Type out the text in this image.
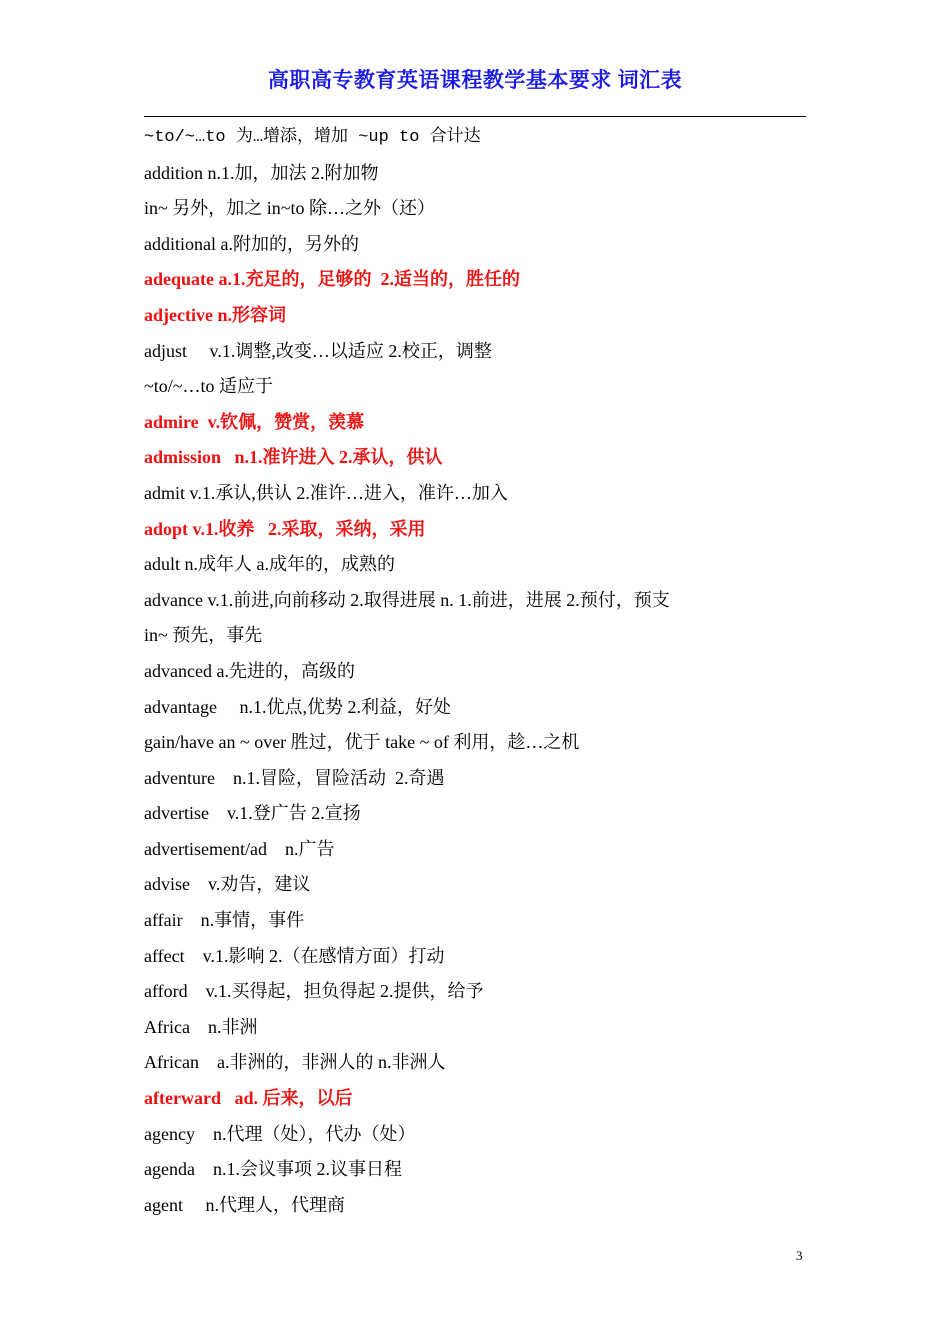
高职高专教育英语课程教学基本要求 词汇表
~to/~…to 为…增添，增加 ~up to 合计达
addition n.1.加，加法 2.附加物
in~ 另外，加之 in~to 除…之外（还）
additional a.附加的，另外的
adequate a.1.充足的，足够的  2.适当的，胜任的
adjective n.形容词
adjust     v.1.调整,改变…以适应 2.校正，调整
~to/~…to 适应于
admire  v.钦佩，赞赏，羡慕
admission   n.1.准许进入 2.承认，供认
admit v.1.承认,供认 2.准许…进入，准许…加入
adopt v.1.收养   2.采取，采纳，采用
adult n.成年人 a.成年的，成熟的
advance v.1.前进,向前移动 2.取得进展 n. 1.前进，进展 2.预付，预支
in~ 预先，事先
advanced a.先进的，高级的
advantage     n.1.优点,优势 2.利益，好处
gain/have an ~ over 胜过，优于 take ~ of 利用，趁…之机
adventure    n.1.冒险，冒险活动  2.奇遇
advertise    v.1.登广告 2.宣扬
advertisement/ad    n.广告
advise    v.劝告，建议
affair    n.事情，事件
affect    v.1.影响 2.（在感情方面）打动
afford    v.1.买得起，担负得起 2.提供，给予
Africa    n.非洲
African    a.非洲的，非洲人的 n.非洲人
afterward   ad. 后来，以后
agency    n.代理（处），代办（处）
agenda    n.1.会议事项 2.议事日程
agent     n.代理人，代理商
3
